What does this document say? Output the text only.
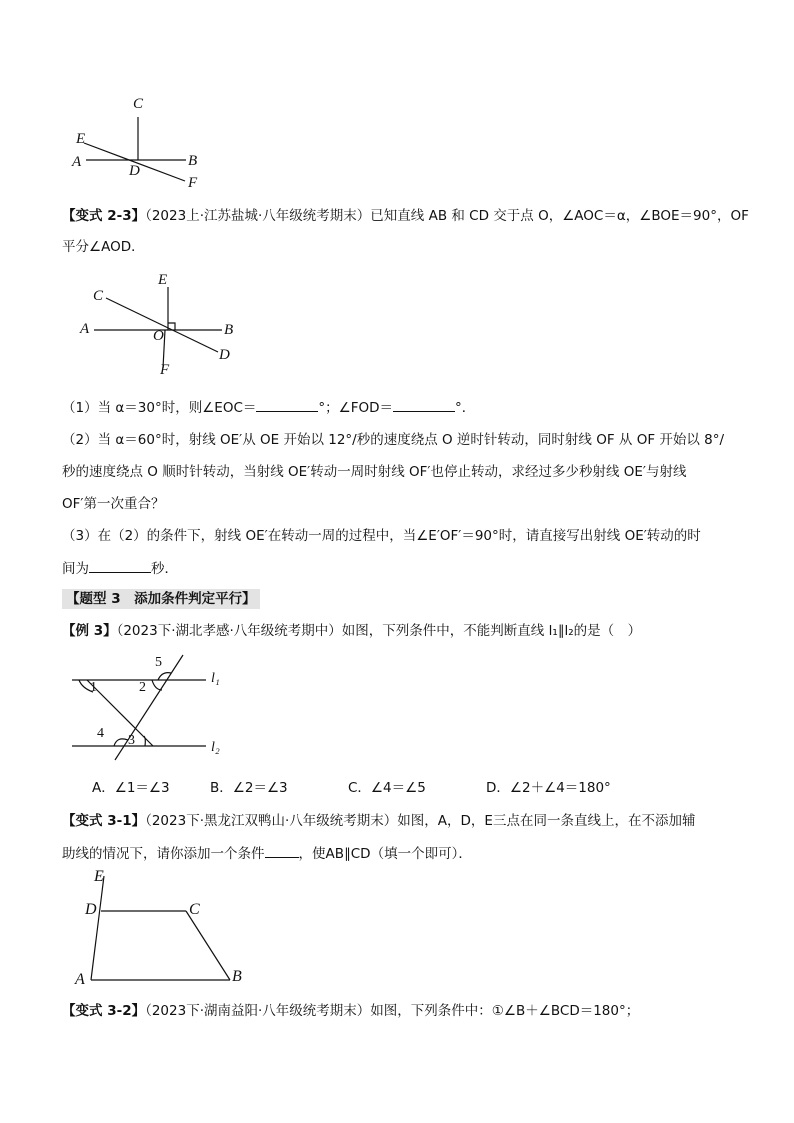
C
E
A	B
D
F
【变式 2-3】（2023上·江苏盐城·八年级统考期末）已知直线 AB 和 CD 交于点 O，∠AOC＝α，∠BOE＝90°，OF
平分∠AOD．
E
C
A	B
O
D
F
（1）当 α＝30°时，则∠EOC＝	°；∠FOD＝	°．
（2）当 α＝60°时，射线 OE′从 OE 开始以 12°/秒的速度绕点 O 逆时针转动，同时射线 OF 从 OF 开始以 8°/
秒的速度绕点 O 顺时针转动，当射线 OE′转动一周时射线 OF′也停止转动，求经过多少秒射线 OE′与射线
OF′第一次重合？
（3）在（2）的条件下，射线 OE′在转动一周的过程中，当∠E′OF′＝90°时，请直接写出射线 OE′转动的时
间为	秒．
【题型 3　添加条件判定平行】
【例 3】（2023下·湖北孝感·八年级统考期中）如图，下列条件中，不能判断直线 l₁∥l₂的是（　）
5
1	2
l₁
4 3	l₂
A．∠1＝∠3	B．∠2＝∠3	C．∠4＝∠5	D．∠2＋∠4＝180°
【变式 3-1】（2023下·黑龙江双鸭山·八年级统考期末）如图，A，D，E三点在同一条直线上，在不添加辅
助线的情况下，请你添加一个条件	，使AB∥CD（填一个即可）．
E
D	C
A	B
【变式 3-2】（2023下·湖南益阳·八年级统考期末）如图，下列条件中：①∠B＋∠BCD＝180°；
